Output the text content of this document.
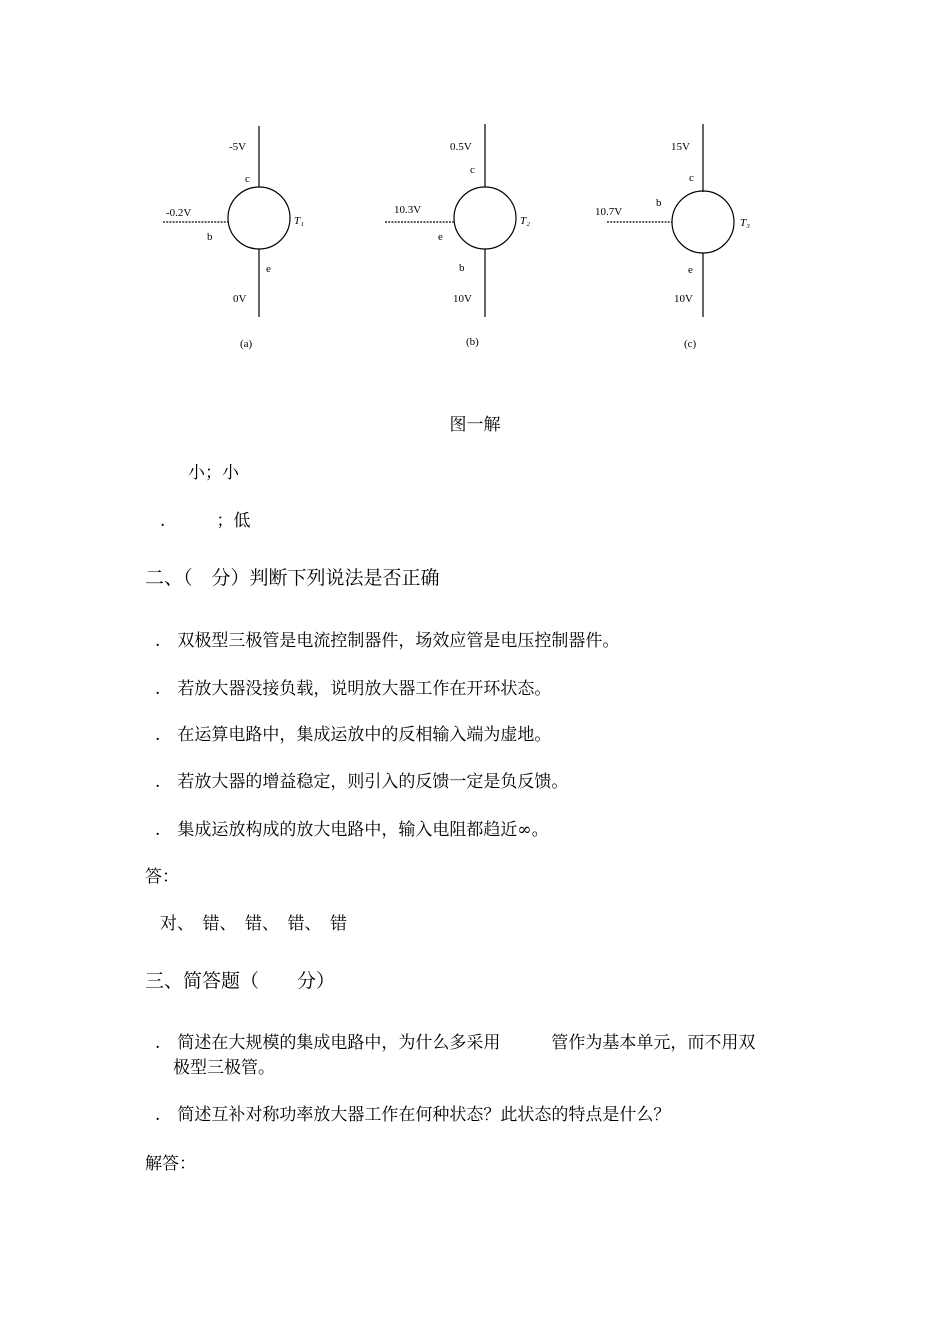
-5V
c
-0.2V
b
T₁
e
0V
(a)
0.5V
c
10.3V
e
T₂
b
10V
(b)
15V
c
10.7V
b
T₃
e
10V
(c)
图一解
小；小
.　　　；低
二、（　分）判断下列说法是否正确
.　双极型三极管是电流控制器件，场效应管是电压控制器件。
.　若放大器没接负载，说明放大器工作在开环状态。
.　在运算电路中，集成运放中的反相输入端为虚地。
.　若放大器的增益稳定，则引入的反馈一定是负反馈。
.　集成运放构成的放大电路中，输入电阻都趋近∞。
答：
对、　错、　错、　错、　错
三、简答题（　　分）
.　简述在大规模的集成电路中，为什么多采用　　　管作为基本单元，而不用双
极型三极管。
.　简述互补对称功率放大器工作在何种状态？此状态的特点是什么？
解答：
